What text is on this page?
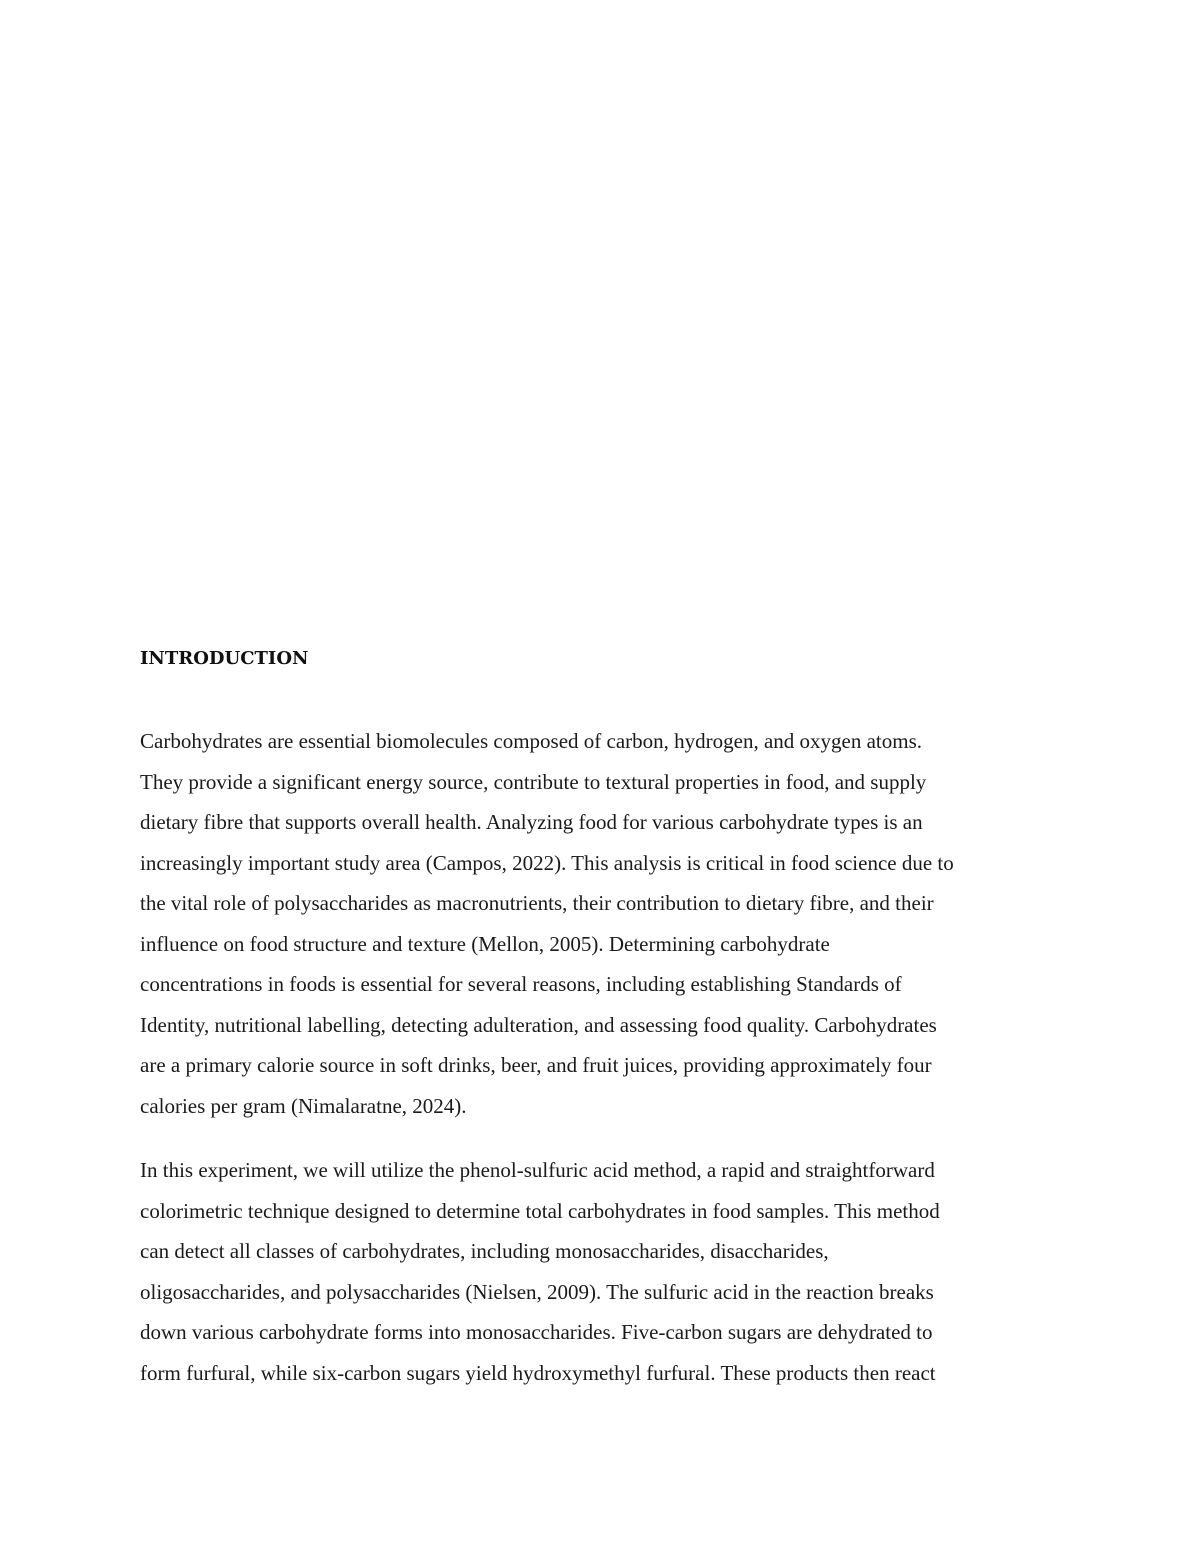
INTRODUCTION
Carbohydrates are essential biomolecules composed of carbon, hydrogen, and oxygen atoms.
They provide a significant energy source, contribute to textural properties in food, and supply
dietary fibre that supports overall health. Analyzing food for various carbohydrate types is an
increasingly important study area (Campos, 2022). This analysis is critical in food science due to
the vital role of polysaccharides as macronutrients, their contribution to dietary fibre, and their
influence on food structure and texture (Mellon, 2005). Determining carbohydrate
concentrations in foods is essential for several reasons, including establishing Standards of
Identity, nutritional labelling, detecting adulteration, and assessing food quality. Carbohydrates
are a primary calorie source in soft drinks, beer, and fruit juices, providing approximately four
calories per gram (Nimalaratne, 2024).
In this experiment, we will utilize the phenol-sulfuric acid method, a rapid and straightforward
colorimetric technique designed to determine total carbohydrates in food samples. This method
can detect all classes of carbohydrates, including monosaccharides, disaccharides,
oligosaccharides, and polysaccharides (Nielsen, 2009). The sulfuric acid in the reaction breaks
down various carbohydrate forms into monosaccharides. Five-carbon sugars are dehydrated to
form furfural, while six-carbon sugars yield hydroxymethyl furfural. These products then react
